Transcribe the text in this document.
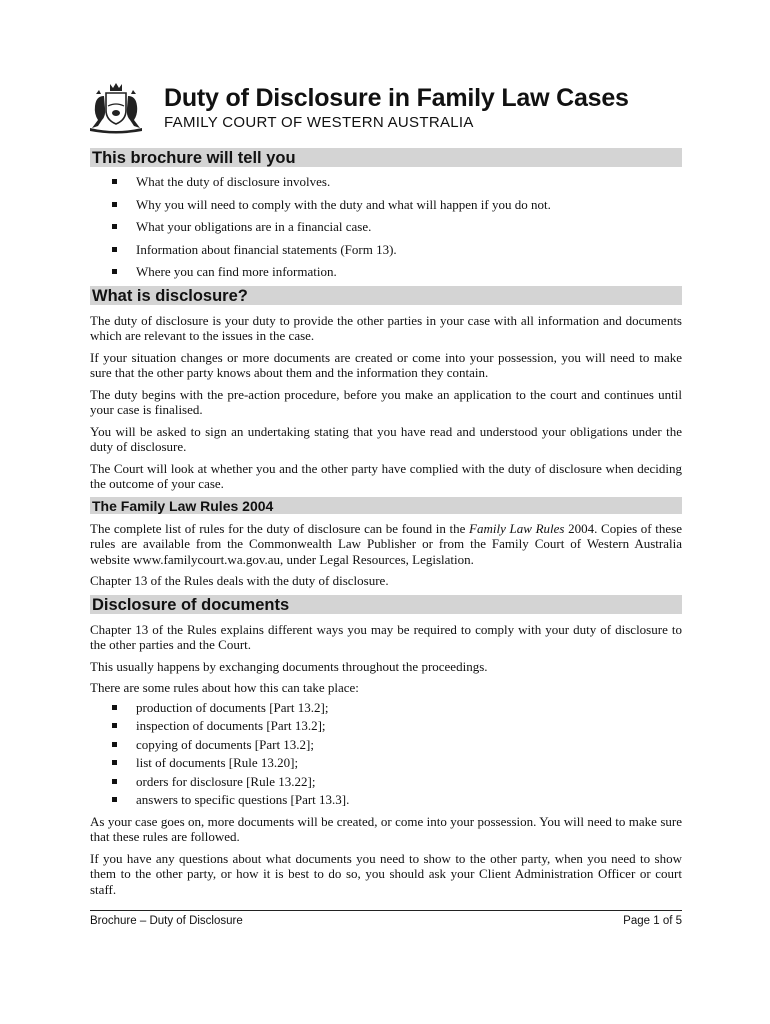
Duty of Disclosure in Family Law Cases
FAMILY COURT OF WESTERN AUSTRALIA
This brochure will tell you
What the duty of disclosure involves.
Why you will need to comply with the duty and what will happen if you do not.
What your obligations are in a financial case.
Information about financial statements (Form 13).
Where you can find more information.
What is disclosure?

The duty of disclosure is your duty to provide the other parties in your case with all information and documents which are relevant to the issues in the case.

If your situation changes or more documents are created or come into your possession, you will need to make sure that the other party knows about them and the information they contain.

The duty begins with the pre-action procedure, before you make an application to the court and continues until your case is finalised.

You will be asked to sign an undertaking stating that you have read and understood your obligations under the duty of disclosure.

The Court will look at whether you and the other party have complied with the duty of disclosure when deciding the outcome of your case.

The Family Law Rules 2004

The complete list of rules for the duty of disclosure can be found in the Family Law Rules 2004. Copies of these rules are available from the Commonwealth Law Publisher or from the Family Court of Western Australia website www.familycourt.wa.gov.au, under Legal Resources, Legislation.

Chapter 13 of the Rules deals with the duty of disclosure.

Disclosure of documents

Chapter 13 of the Rules explains different ways you may be required to comply with your duty of disclosure to the other parties and the Court.

This usually happens by exchanging documents throughout the proceedings.

There are some rules about how this can take place:

production of documents [Part 13.2];
inspection of documents [Part 13.2];
copying of documents [Part 13.2];
list of documents [Rule 13.20];
orders for disclosure [Rule 13.22];
answers to specific questions [Part 13.3].

As your case goes on, more documents will be created, or come into your possession. You will need to make sure that these rules are followed.

If you have any questions about what documents you need to show to the other party, when you need to show them to the other party, or how it is best to do so, you should ask your Client Administration Officer or court staff.

Brochure – Duty of Disclosure	Page 1 of 5
